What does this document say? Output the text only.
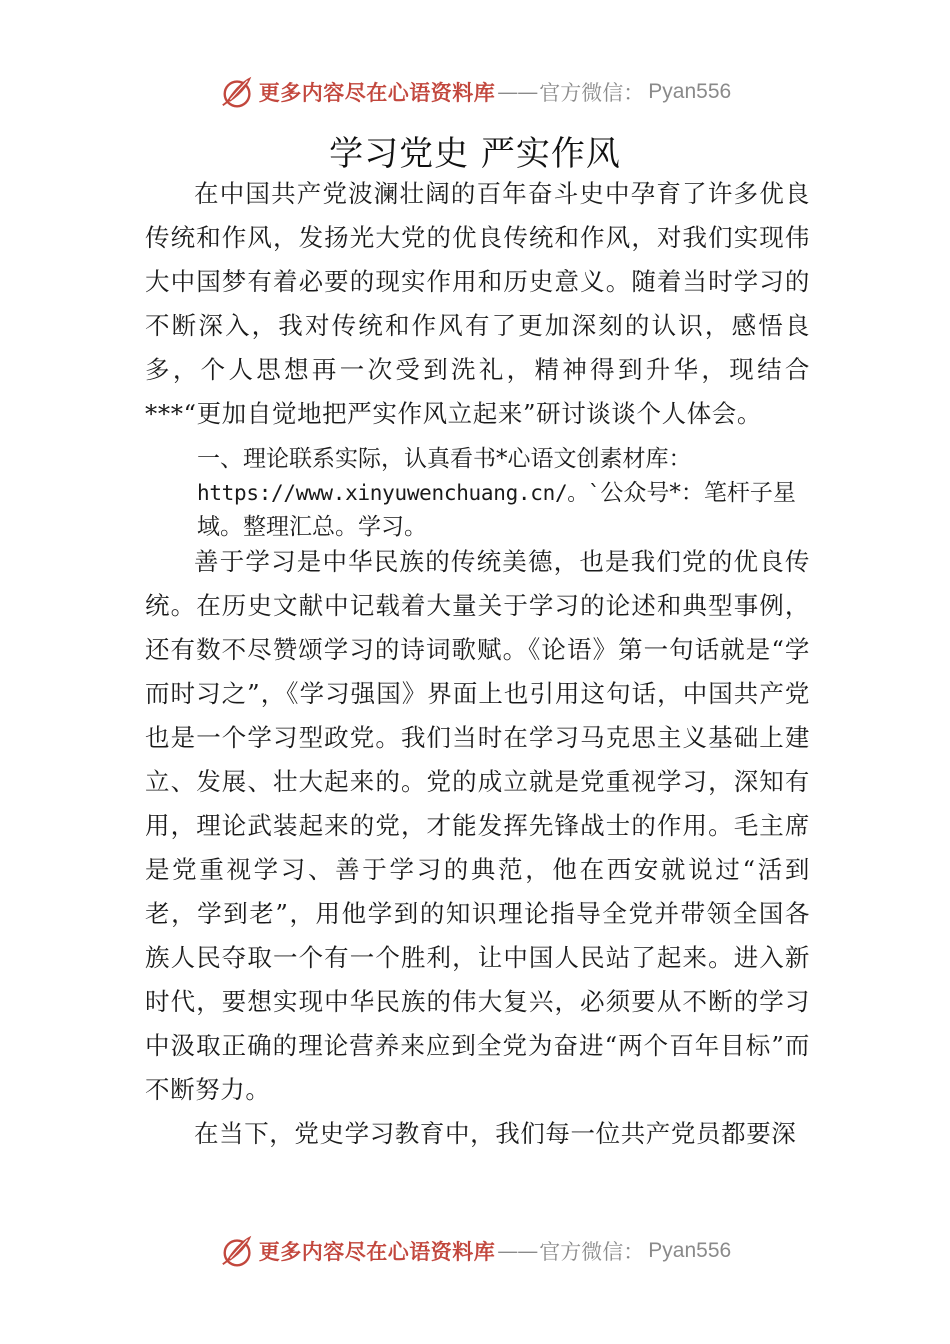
更多内容尽在心语资料库 —— 官方微信： Pyan556
学习党史 严实作风

在中国共产党波澜壮阔的百年奋斗史中孕育了许多优良传统和作风，发扬光大党的优良传统和作风，对我们实现伟大中国梦有着必要的现实作用和历史意义。随着当时学习的不断深入，我对传统和作风有了更加深刻的认识，感悟良多，个人思想再一次受到洗礼，精神得到升华，现结合***“更加自觉地把严实作风立起来”研讨谈谈个人体会。

一、理论联系实际，认真看书*心语文创素材库：
https://www.xinyuwenchuang.cn/。`公众号*：笔杆子星域。整理汇总。学习。

善于学习是中华民族的传统美德，也是我们党的优良传统。在历史文献中记载着大量关于学习的论述和典型事例，还有数不尽赞颂学习的诗词歌赋。《论语》第一句话就是“学而时习之”，《学习强国》界面上也引用这句话，中国共产党也是一个学习型政党。我们当时在学习马克思主义基础上建立、发展、壮大起来的。党的成立就是党重视学习，深知有用，理论武装起来的党，才能发挥先锋战士的作用。毛主席是党重视学习、善于学习的典范，他在西安就说过“活到老，学到老”，用他学到的知识理论指导全党并带领全国各族人民夺取一个有一个胜利，让中国人民站了起来。进入新时代，要想实现中华民族的伟大复兴，必须要从不断的学习中汲取正确的理论营养来应到全党为奋进“两个百年目标”而不断努力。

在当下，党史学习教育中，我们每一位共产党员都要深

更多内容尽在心语资料库 —— 官方微信： Pyan556
